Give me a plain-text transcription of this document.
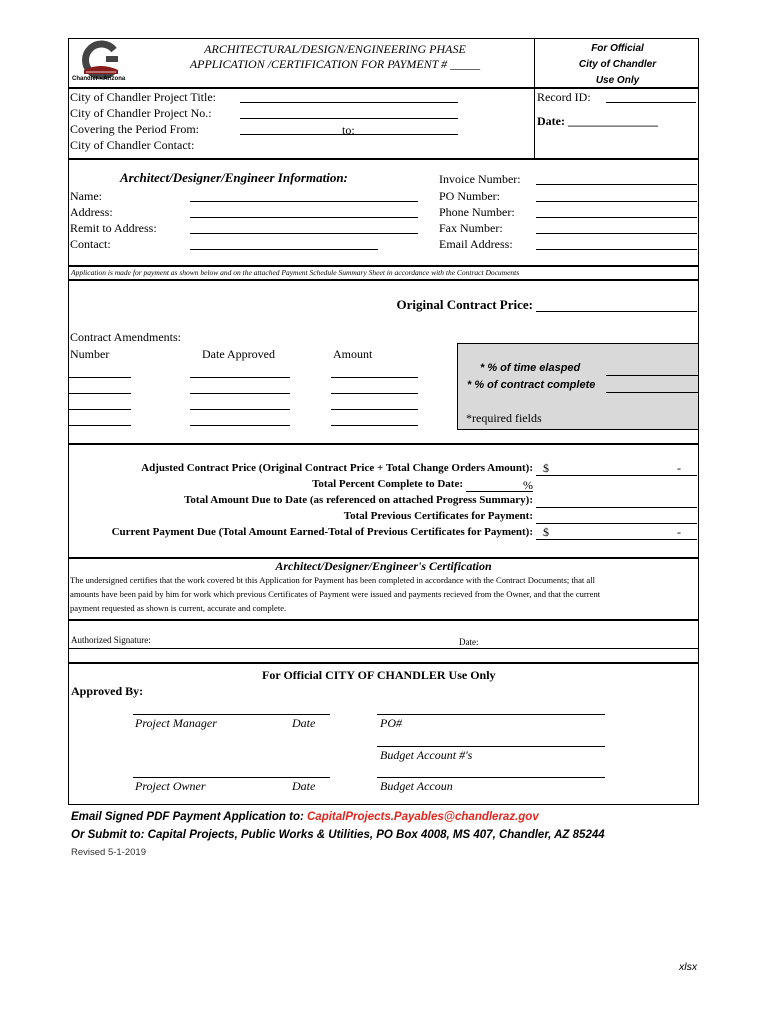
Chandler • Arizona
ARCHITECTURAL/DESIGN/ENGINEERING PHASE
APPLICATION /CERTIFICATION FOR PAYMENT # _____
For Official
City of Chandler
Use Only
City of Chandler Project Title:
City of Chandler Project No.:
Covering the Period From:	to:
City of Chandler Contact:
Record ID:
Date: _______________
Architect/Designer/Engineer Information:
Name:
Address:
Remit to Address:
Contact:
Invoice Number:
PO Number:
Phone Number:
Fax Number:
Email Address:
Application is made for payment as shown below and on the attached Payment Schedule Summary Sheet in accordance with the Contract Documents
Original Contract Price:
Contract Amendments:
Number	Date Approved	Amount
* % of time elasped
* % of contract complete
*required fields
Adjusted Contract Price (Original Contract Price + Total Change Orders Amount): $	-
Total Percent Complete to Date:	%
Total Amount Due to Date (as referenced on attached Progress Summary):
Total Previous Certificates for Payment:
Current Payment Due (Total Amount Earned-Total of Previous Certificates for Payment): $	-
Architect/Designer/Engineer's Certification
The undersigned certifies that the work covered bt this Application for Payment has been completed in accordance with the Contract Documents; that all
amounts have been paid by him for work which previous Certificates of Payment were issued and payments recieved from the Owner, and that the current
payment requested as shown is current, accurate and complete.
Authorized Signature:	Date:
For Official CITY OF CHANDLER Use Only
Approved By:
Project Manager	Date	PO#
Budget Account #'s
Project Owner	Date	Budget Accoun
Email Signed PDF Payment Application to: CapitalProjects.Payables@chandleraz.gov
Or Submit to: Capital Projects, Public Works & Utilities, PO Box 4008, MS 407, Chandler, AZ 85244
Revised 5-1-2019
xlsx
